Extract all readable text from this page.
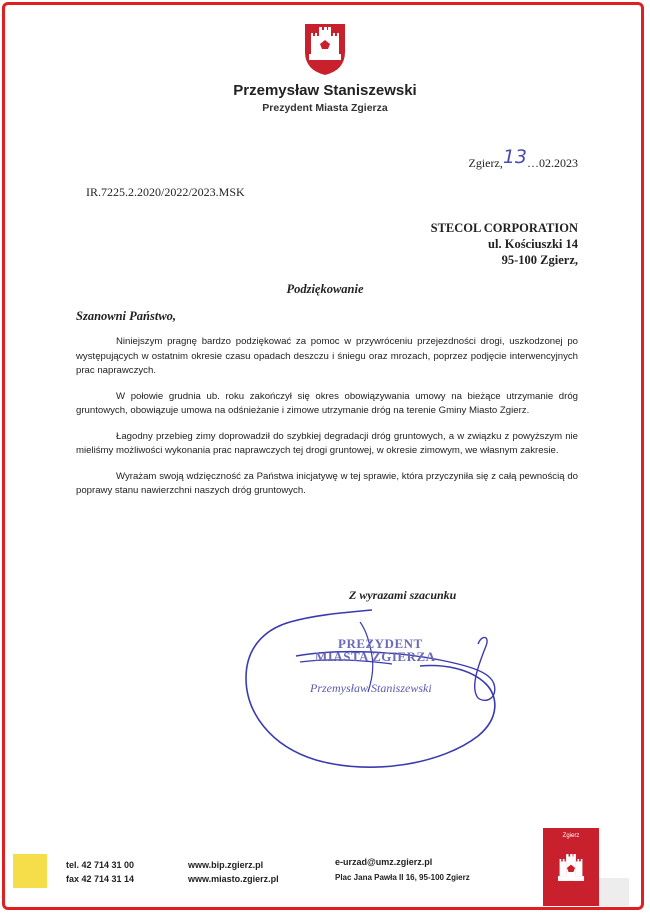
Przemysław Staniszewski
Prezydent Miasta Zgierza
Zgierz,13…02.2023
IR.7225.2.2020/2022/2023.MSK
STECOL CORPORATION
ul. Kościuszki 14
95-100 Zgierz,
Podziękowanie
Szanowni Państwo,

Niniejszym pragnę bardzo podziękować za pomoc w przywróceniu przejezdności drogi, uszkodzonej po występujących w ostatnim okresie czasu opadach deszczu i śniegu oraz mrozach, poprzez podjęcie interwencyjnych prac naprawczych.

W połowie grudnia ub. roku zakończył się okres obowiązywania umowy na bieżące utrzymanie dróg gruntowych, obowiązuje umowa na odśnieżanie i zimowe utrzymanie dróg na terenie Gminy Miasto Zgierz.

Łagodny przebieg zimy doprowadził do szybkiej degradacji dróg gruntowych, a w związku z powyższym nie mieliśmy możliwości wykonania prac naprawczych tej drogi gruntowej, w okresie zimowym, we własnym zakresie.

Wyrażam swoją wdzięczność za Państwa inicjatywę w tej sprawie, która przyczyniła się z całą pewnością do poprawy stanu nawierzchni naszych dróg gruntowych.

Z wyrazami szacunku
PREZYDENT
MIASTA ZGIERZA
Przemysław Staniszewski
tel. 42 714 31 00
fax 42 714 31 14
www.bip.zgierz.pl
www.miasto.zgierz.pl
e-urzad@umz.zgierz.pl
Plac Jana Pawła II 16, 95-100 Zgierz
Zgierz
